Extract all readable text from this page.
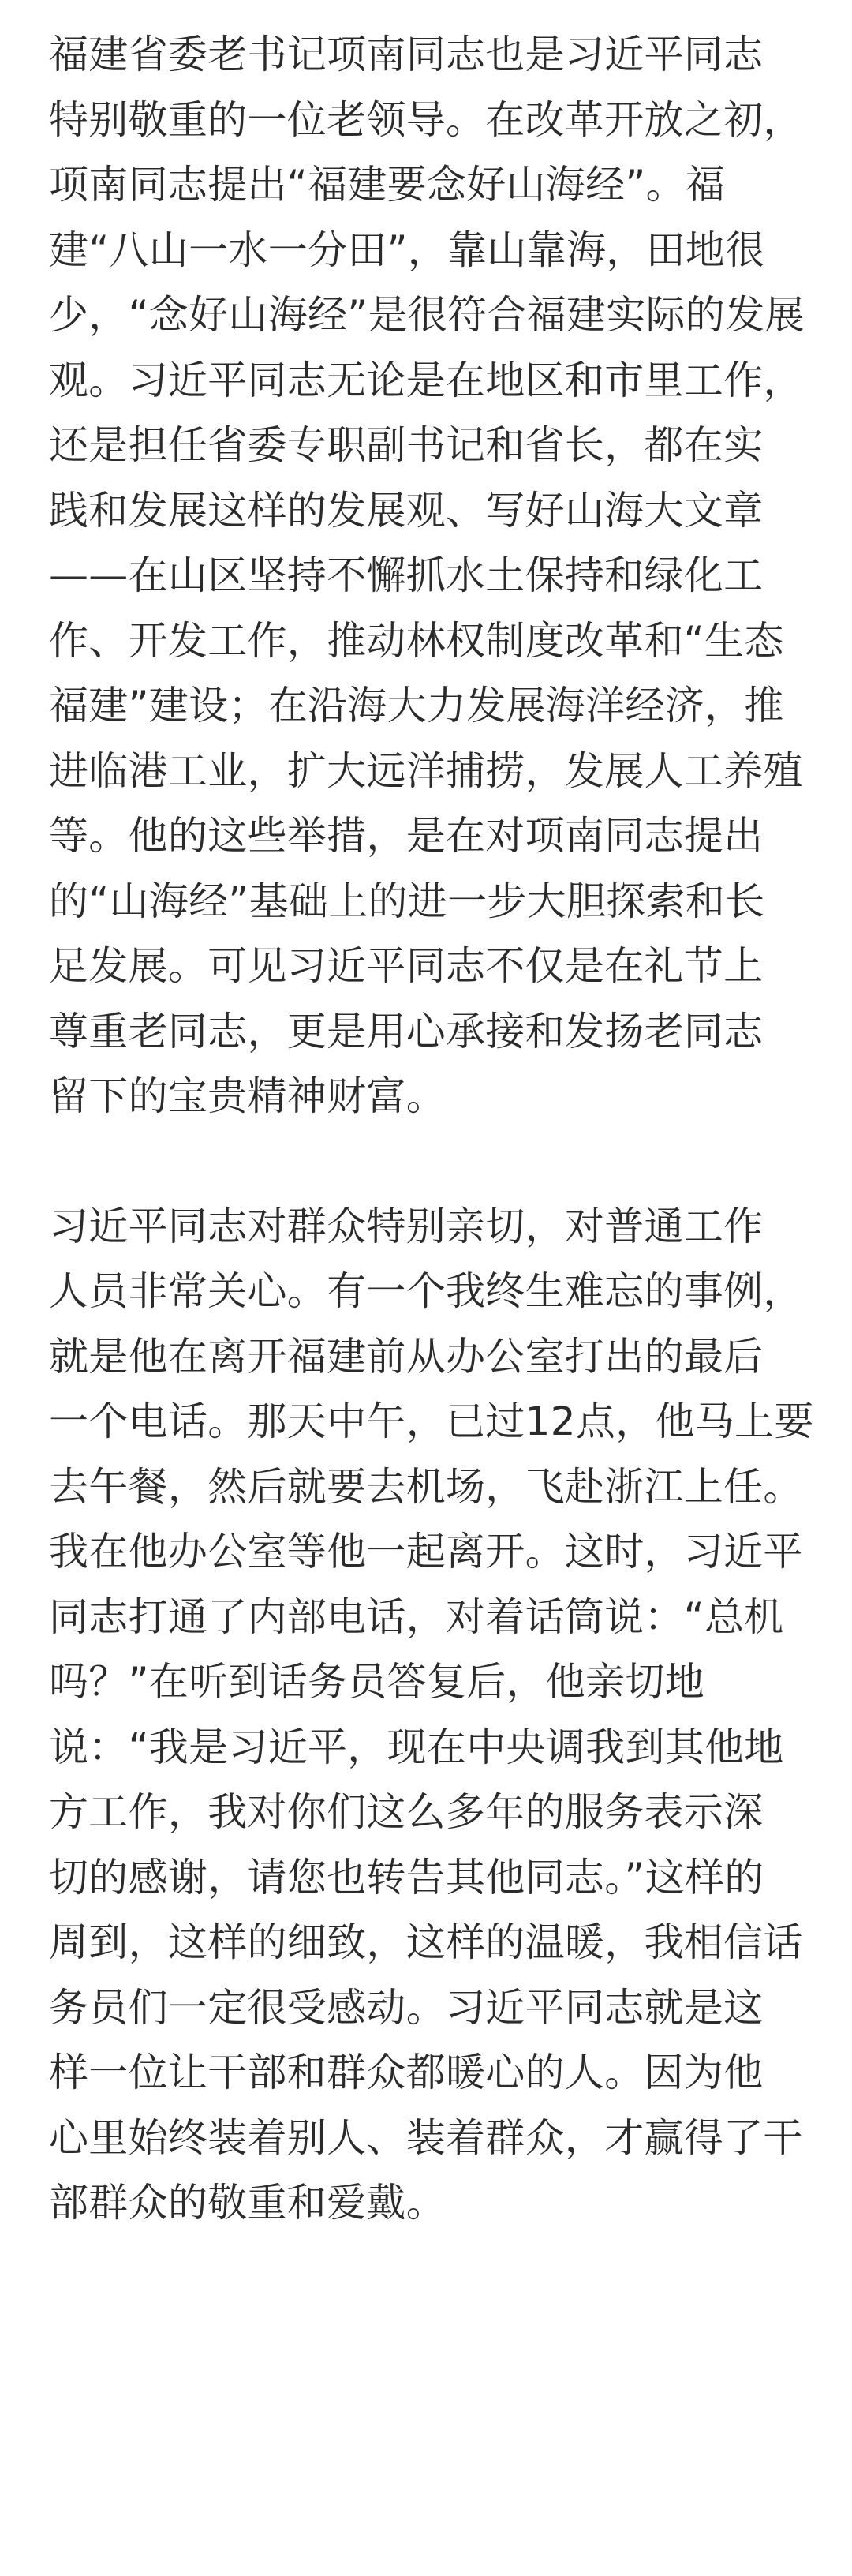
福建省委老书记项南同志也是习近平同志
特别敬重的一位老领导。在改革开放之初，
项南同志提出“福建要念好山海经”。福
建“八山一水一分田”，靠山靠海，田地很
少，“念好山海经”是很符合福建实际的发展
观。习近平同志无论是在地区和市里工作，
还是担任省委专职副书记和省长，都在实
践和发展这样的发展观、写好山海大文章
——在山区坚持不懈抓水土保持和绿化工
作、开发工作，推动林权制度改革和“生态
福建”建设；在沿海大力发展海洋经济，推
进临港工业，扩大远洋捕捞，发展人工养殖
等。他的这些举措，是在对项南同志提出
的“山海经”基础上的进一步大胆探索和长
足发展。可见习近平同志不仅是在礼节上
尊重老同志，更是用心承接和发扬老同志
留下的宝贵精神财富。
习近平同志对群众特别亲切，对普通工作
人员非常关心。有一个我终生难忘的事例，
就是他在离开福建前从办公室打出的最后
一个电话。那天中午，已过12点，他马上要
去午餐，然后就要去机场，飞赴浙江上任。
我在他办公室等他一起离开。这时，习近平
同志打通了内部电话，对着话筒说：“总机
吗？”在听到话务员答复后，他亲切地
说：“我是习近平，现在中央调我到其他地
方工作，我对你们这么多年的服务表示深
切的感谢，请您也转告其他同志。”这样的
周到，这样的细致，这样的温暖，我相信话
务员们一定很受感动。习近平同志就是这
样一位让干部和群众都暖心的人。因为他
心里始终装着别人、装着群众，才赢得了干
部群众的敬重和爱戴。
